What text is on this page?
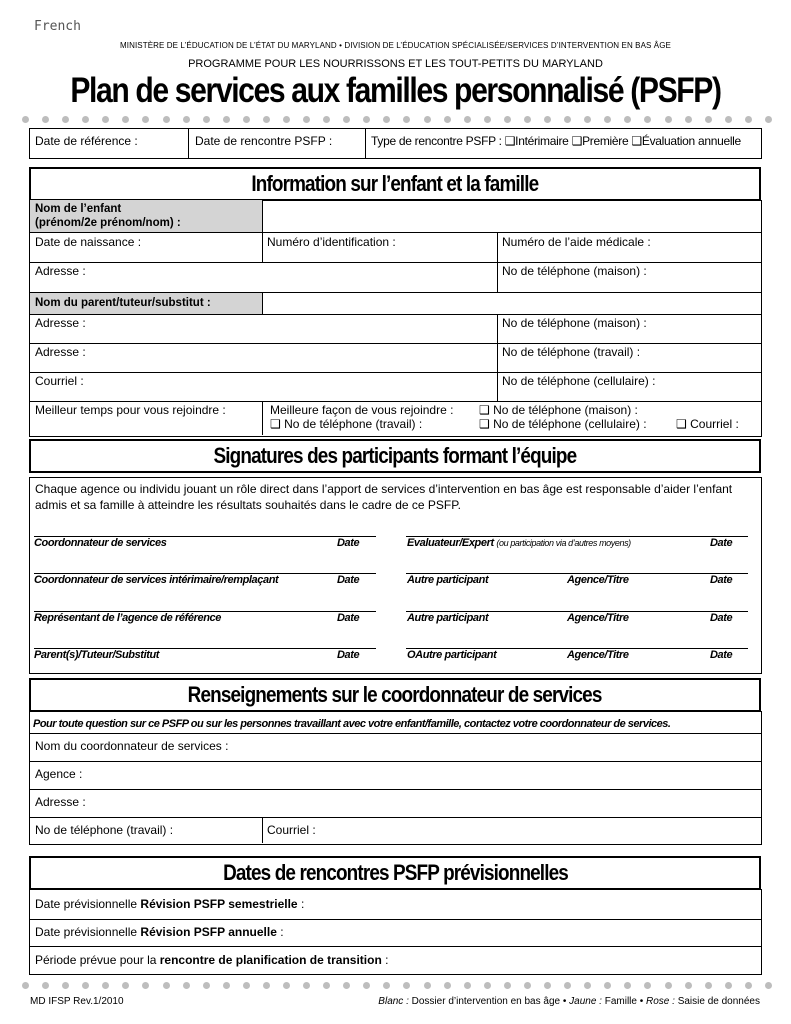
French
MINISTÈRE DE L’ÉDUCATION DE L’ÉTAT DU MARYLAND • DIVISION DE L’ÉDUCATION SPÉCIALISÉE/SERVICES D’INTERVENTION EN BAS ÂGE
PROGRAMME POUR LES NOURRISSONS ET LES TOUT-PETITS DU MARYLAND
Plan de services aux familles personnalisé (PSFP)
Date de référence :	Date de rencontre PSFP :	Type de rencontre PSFP : ❑Intérimaire ❑Première ❑Évaluation annuelle
Information sur l’enfant et la famille
Nom de l’enfant
(prénom/2e prénom/nom) :
Date de naissance :	Numéro d’identification :	Numéro de l’aide médicale :
Adresse :	No de téléphone (maison) :
Nom du parent/tuteur/substitut :
Adresse :	No de téléphone (maison) :
Adresse :	No de téléphone (travail) :
Courriel :	No de téléphone (cellulaire) :
Meilleur temps pour vous rejoindre :	Meilleure façon de vous rejoindre : ❑ No de téléphone (maison) :
❑ No de téléphone (travail) :	❑ No de téléphone (cellulaire) : ❑ Courriel :
Signatures des participants formant l’équipe
Chaque agence ou individu jouant un rôle direct dans l’apport de services d’intervention en bas âge est responsable d’aider l’enfant admis et sa famille à atteindre les résultats souhaités dans le cadre de ce PSFP.
Coordonnateur de services	Date
Coordonnateur de services intérimaire/remplaçant	Date
Représentant de l’agence de référence	Date
Parent(s)/Tuteur/Substitut	Date
Evaluateur/Expert (ou participation via d’autres moyens)	Date
Autre participant	Agence/Titre	Date
Autre participant	Agence/Titre	Date
OAutre participant	Agence/Titre	Date
Renseignements sur le coordonnateur de services
Pour toute question sur ce PSFP ou sur les personnes travaillant avec votre enfant/famille, contactez votre coordonnateur de services.
Nom du coordonnateur de services :
Agence :
Adresse :
No de téléphone (travail) :	Courriel :
Dates de rencontres PSFP prévisionnelles
Date prévisionnelle Révision PSFP semestrielle :
Date prévisionnelle Révision PSFP annuelle :
Période prévue pour la rencontre de planification de transition :
MD IFSP Rev.1/2010	Blanc : Dossier d’intervention en bas âge • Jaune : Famille • Rose : Saisie de données
